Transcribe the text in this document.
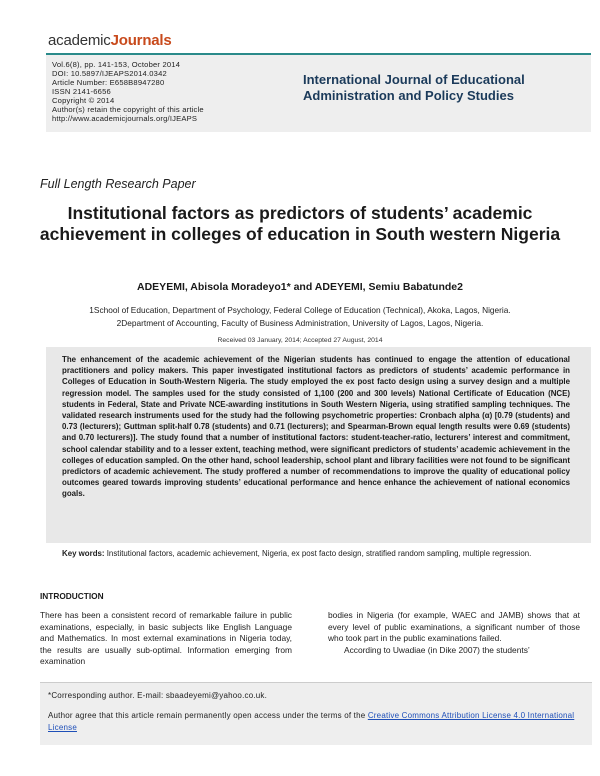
academicJournals
Vol.6(8), pp. 141-153, October 2014
DOI: 10.5897/IJEAPS2014.0342
Article Number: E658B8947280
ISSN 2141-6656
Copyright © 2014
Author(s) retain the copyright of this article
http://www.academicjournals.org/IJEAPS
International Journal of Educational Administration and Policy Studies
Full Length Research Paper
Institutional factors as predictors of students’ academic achievement in colleges of education in South western Nigeria
ADEYEMI, Abisola Moradeyo1* and ADEYEMI, Semiu Babatunde2
1School of Education, Department of Psychology, Federal College of Education (Technical), Akoka, Lagos, Nigeria.
2Department of Accounting, Faculty of Business Administration, University of Lagos, Lagos, Nigeria.
Received 03 January, 2014; Accepted 27 August, 2014
The enhancement of the academic achievement of the Nigerian students has continued to engage the attention of educational practitioners and policy makers. This paper investigated institutional factors as predictors of students’ academic performance in Colleges of Education in South-Western Nigeria. The study employed the ex post facto design using a survey design and a multiple regression model. The samples used for the study consisted of 1,100 (200 and 300 levels) National Certificate of Education (NCE) students in Federal, State and Private NCE-awarding institutions in South Western Nigeria, using stratified sampling techniques. The validated research instruments used for the study had the following psychometric properties: Cronbach alpha (α) [0.79 (students) and 0.73 (lecturers); Guttman split-half 0.78 (students) and 0.71 (lecturers); and Spearman-Brown equal length results were 0.69 (students) and 0.70 lecturers)]. The study found that a number of institutional factors: student-teacher-ratio, lecturers’ interest and commitment, school calendar stability and to a lesser extent, teaching method, were significant predictors of students’ academic achievement in the colleges of education sampled. On the other hand, school leadership, school plant and library facilities were not found to be significant predictors of academic achievement. The study proffered a number of recommendations to improve the quality of educational policy outcomes geared towards improving students’ educational performance and hence enhance the achievement of national economics goals.
Key words: Institutional factors, academic achievement, Nigeria, ex post facto design, stratified random sampling, multiple regression.
INTRODUCTION
There has been a consistent record of remarkable failure in public examinations, especially, in basic subjects like English Language and Mathematics. In most external examinations in Nigeria today, the results are usually sub-optimal. Information emerging from examination
bodies in Nigeria (for example, WAEC and JAMB) shows that at every level of public examinations, a significant number of those who took part in the public examinations failed.
According to Uwadiae (in Dike 2007) the students’
*Corresponding author. E-mail: sbaadeyemi@yahoo.co.uk.
Author agree that this article remain permanently open access under the terms of the Creative Commons Attribution License 4.0 International License
